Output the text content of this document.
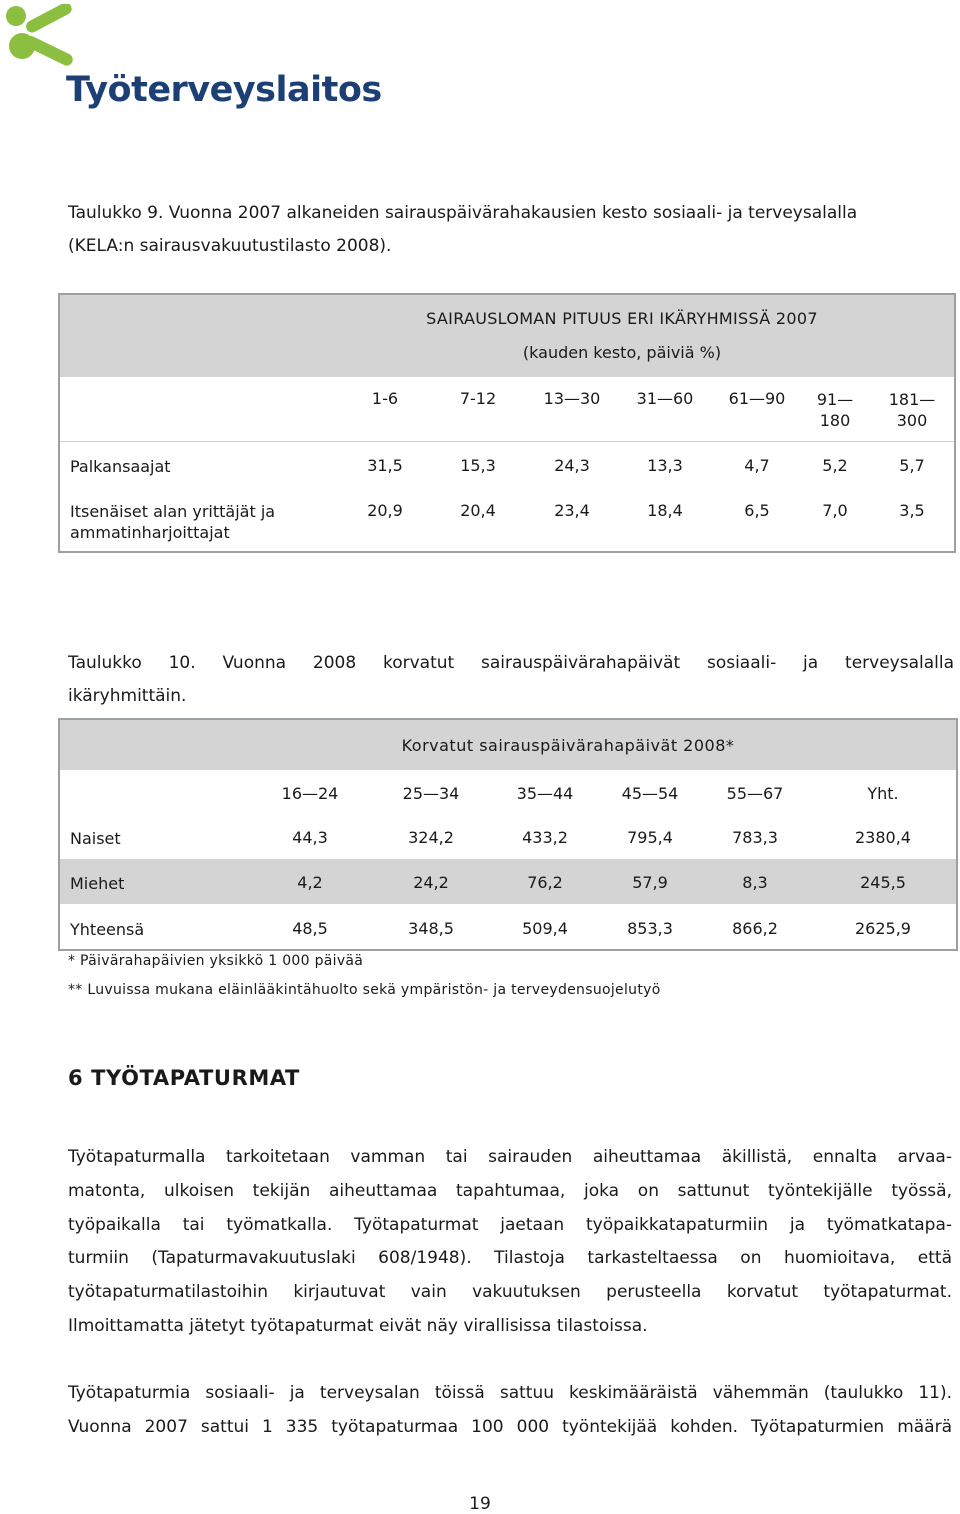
Työterveyslaitos
Taulukko 9. Vuonna 2007 alkaneiden sairauspäivärahakausien kesto sosiaali- ja terveysalalla
(KELA:n sairausvakuutustilasto 2008).
SAIRAUSLOMAN PITUUS ERI IKÄRYHMISSÄ 2007
(kauden kesto, päiviä %)
1-6	7-12	13—30	31—60	61—90	91—
180
181—
300
Palkansaajat	31,5	15,3	24,3	13,3	4,7	5,2	5,7
Itsenäiset alan yrittäjät ja
ammatinharjoittajat
20,9	20,4	23,4	18,4	6,5	7,0	3,5
Taulukko 10. Vuonna 2008 korvatut sairauspäivärahapäivät sosiaali- ja terveysalalla
ikäryhmittäin.
Korvatut sairauspäivärahapäivät 2008*
16—24	25—34	35—44	45—54	55—67	Yht.
Naiset	44,3	324,2	433,2	795,4	783,3	2380,4
Miehet	4,2	24,2	76,2	57,9	8,3	245,5
Yhteensä	48,5	348,5	509,4	853,3	866,2	2625,9
* Päivärahapäivien yksikkö 1 000 päivää
** Luvuissa mukana eläinlääkintähuolto sekä ympäristön- ja terveydensuojelutyö
6 TYÖTAPATURMAT

Työtapaturmalla tarkoitetaan vamman tai sairauden aiheuttamaa äkillistä, ennalta arvaa-
matonta, ulkoisen tekijän aiheuttamaa tapahtumaa, joka on sattunut työntekijälle työssä,
työpaikalla tai työmatkalla. Työtapaturmat jaetaan työpaikkatapaturmiin ja työmatkatapa-
turmiin (Tapaturmavakuutuslaki 608/1948). Tilastoja tarkasteltaessa on huomioitava, että
työtapaturmatilastoihin kirjautuvat vain vakuutuksen perusteella korvatut työtapaturmat.
Ilmoittamatta jätetyt työtapaturmat eivät näy virallisissa tilastoissa.

Työtapaturmia sosiaali- ja terveysalan töissä sattuu keskimääräistä vähemmän (taulukko 11).
Vuonna 2007 sattui 1 335 työtapaturmaa 100 000 työntekijää kohden. Työtapaturmien määrä

19
